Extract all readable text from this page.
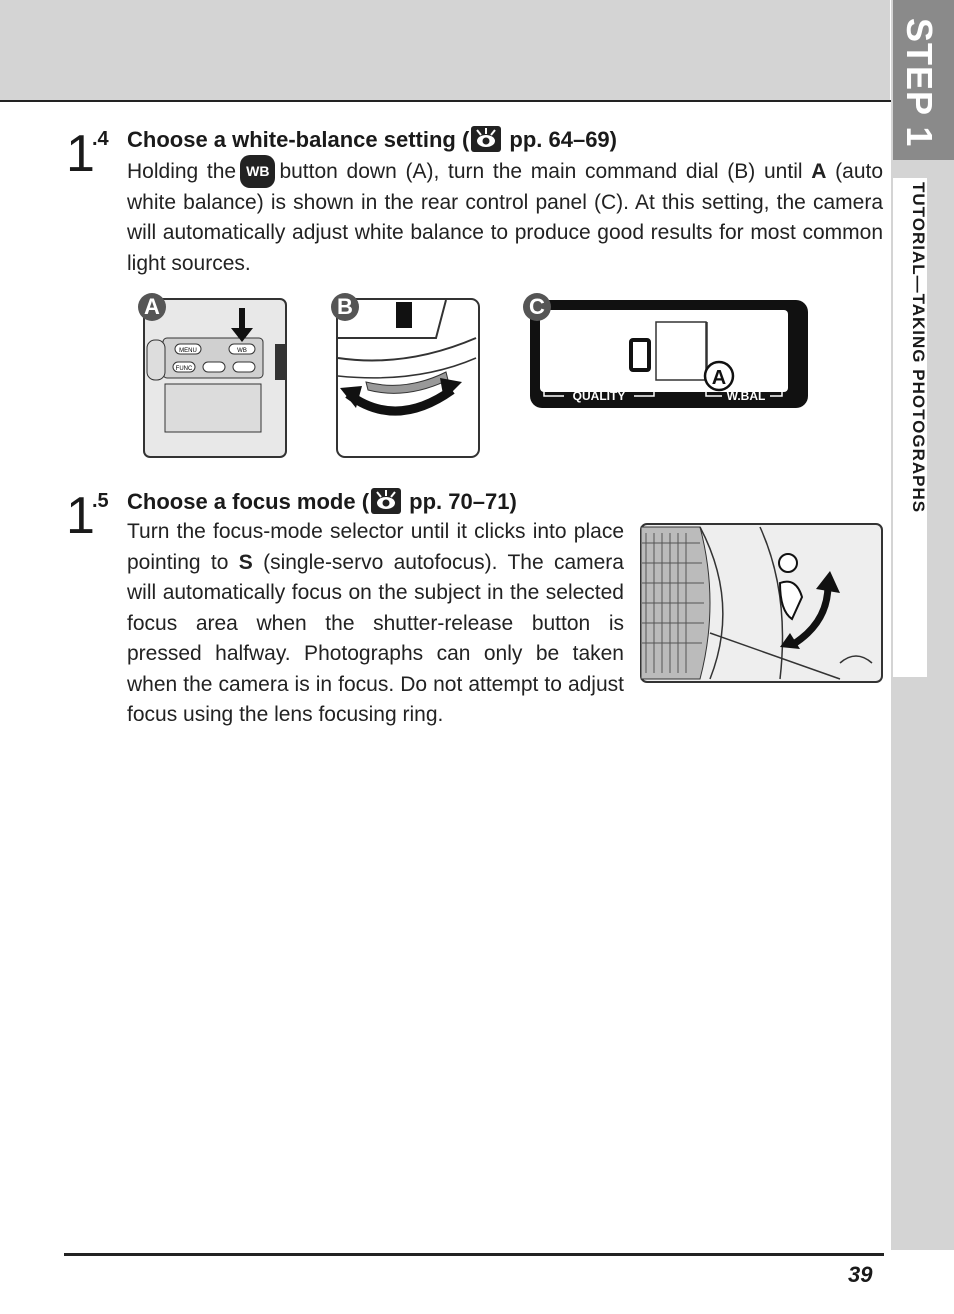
STEP 1
TUTORIAL—TAKING PHOTOGRAPHS
1
.4 Choose a white-balance setting ( pp. 64–69)
Holding the WB button down (A), turn the main command dial (B) until A (auto white balance) is shown in the rear control panel (C). At this setting, the camera will automatically adjust white balance to produce good results for most common light sources.
MENU	WB
FUNC
A	B
A
QUALITY	W.BAL
C
1
.5 Choose a focus mode ( pp. 70–71)
Turn the focus-mode selector until it clicks into place pointing to S (single-servo autofocus). The camera will automatically focus on the subject in the selected focus area when the shutter-release button is pressed halfway. Photographs can only be taken when the camera is in focus. Do not attempt to adjust focus using the lens focusing ring.
39
